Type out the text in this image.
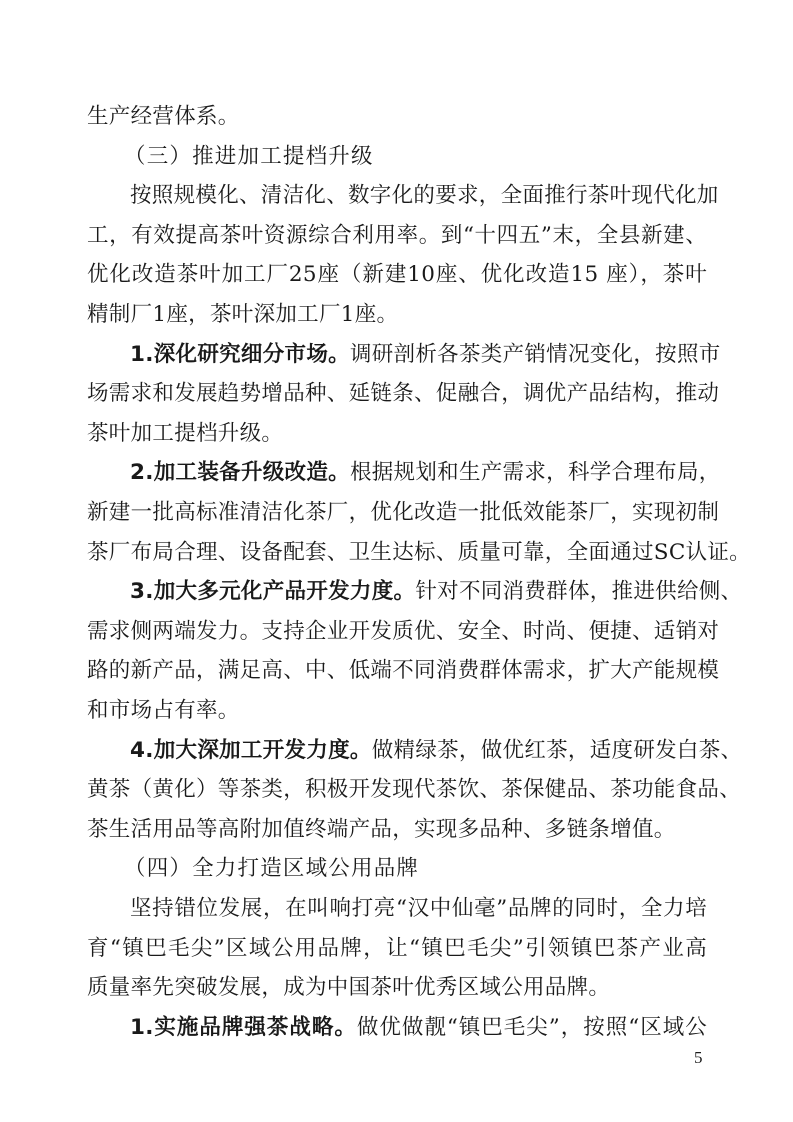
5
生产经营体系。
（三）推进加工提档升级
按照规模化、清洁化、数字化的要求，全面推行茶叶现代化加
工，有效提高茶叶资源综合利用率。到“十四五”末，全县新建、
优化改造茶叶加工厂25座（新建10座、优化改造15 座），茶叶
精制厂1座，茶叶深加工厂1座。
1.深化研究细分市场。调研剖析各茶类产销情况变化，按照市
场需求和发展趋势增品种、延链条、促融合，调优产品结构，推动
茶叶加工提档升级。
2.加工装备升级改造。根据规划和生产需求，科学合理布局，
新建一批高标准清洁化茶厂，优化改造一批低效能茶厂，实现初制
茶厂布局合理、设备配套、卫生达标、质量可靠，全面通过SC认证。
3.加大多元化产品开发力度。针对不同消费群体，推进供给侧、
需求侧两端发力。支持企业开发质优、安全、时尚、便捷、适销对
路的新产品，满足高、中、低端不同消费群体需求，扩大产能规模
和市场占有率。
4.加大深加工开发力度。做精绿茶，做优红茶，适度研发白茶、
黄茶（黄化）等茶类，积极开发现代茶饮、茶保健品、茶功能食品、
茶生活用品等高附加值终端产品，实现多品种、多链条增值。
（四）全力打造区域公用品牌
坚持错位发展，在叫响打亮“汉中仙毫”品牌的同时，全力培
育“镇巴毛尖”区域公用品牌，让“镇巴毛尖”引领镇巴茶产业高
质量率先突破发展，成为中国茶叶优秀区域公用品牌。
1.实施品牌强茶战略。做优做靓“镇巴毛尖”，按照“区域公
